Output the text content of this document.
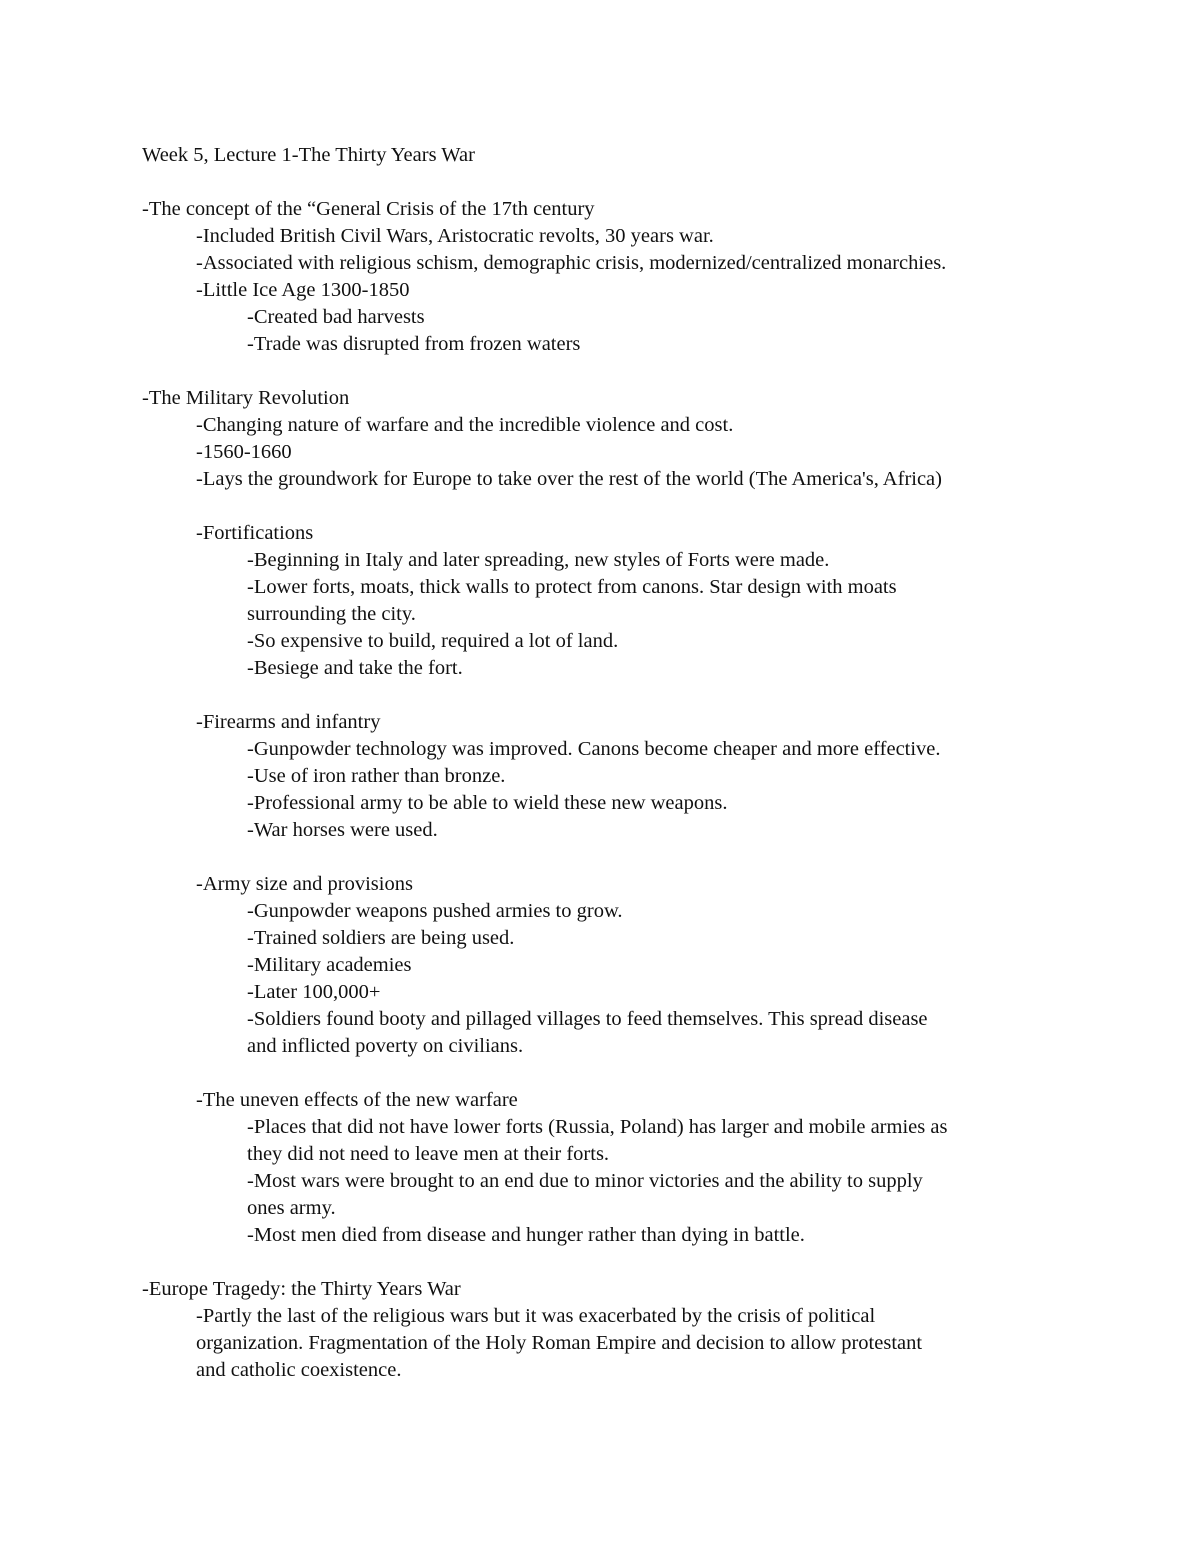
Week 5, Lecture 1-The Thirty Years War
-The concept of the “General Crisis of the 17th century
-Included British Civil Wars, Aristocratic revolts, 30 years war.
-Associated with religious schism, demographic crisis, modernized/centralized monarchies.
-Little Ice Age 1300-1850
-Created bad harvests
-Trade was disrupted from frozen waters
-The Military Revolution
-Changing nature of warfare and the incredible violence and cost.
-1560-1660
-Lays the groundwork for Europe to take over the rest of the world (The America's, Africa)
-Fortifications
-Beginning in Italy and later spreading, new styles of Forts were made.
-Lower forts, moats, thick walls to protect from canons. Star design with moats
surrounding the city.
-So expensive to build, required a lot of land.
-Besiege and take the fort.
-Firearms and infantry
-Gunpowder technology was improved. Canons become cheaper and more effective.
-Use of iron rather than bronze.
-Professional army to be able to wield these new weapons.
-War horses were used.
-Army size and provisions
-Gunpowder weapons pushed armies to grow.
-Trained soldiers are being used.
-Military academies
-Later 100,000+
-Soldiers found booty and pillaged villages to feed themselves. This spread disease
and inflicted poverty on civilians.
-The uneven effects of the new warfare
-Places that did not have lower forts (Russia, Poland) has larger and mobile armies as
they did not need to leave men at their forts.
-Most wars were brought to an end due to minor victories and the ability to supply
ones army.
-Most men died from disease and hunger rather than dying in battle.
-Europe Tragedy: the Thirty Years War
-Partly the last of the religious wars but it was exacerbated by the crisis of political
organization. Fragmentation of the Holy Roman Empire and decision to allow protestant
and catholic coexistence.
